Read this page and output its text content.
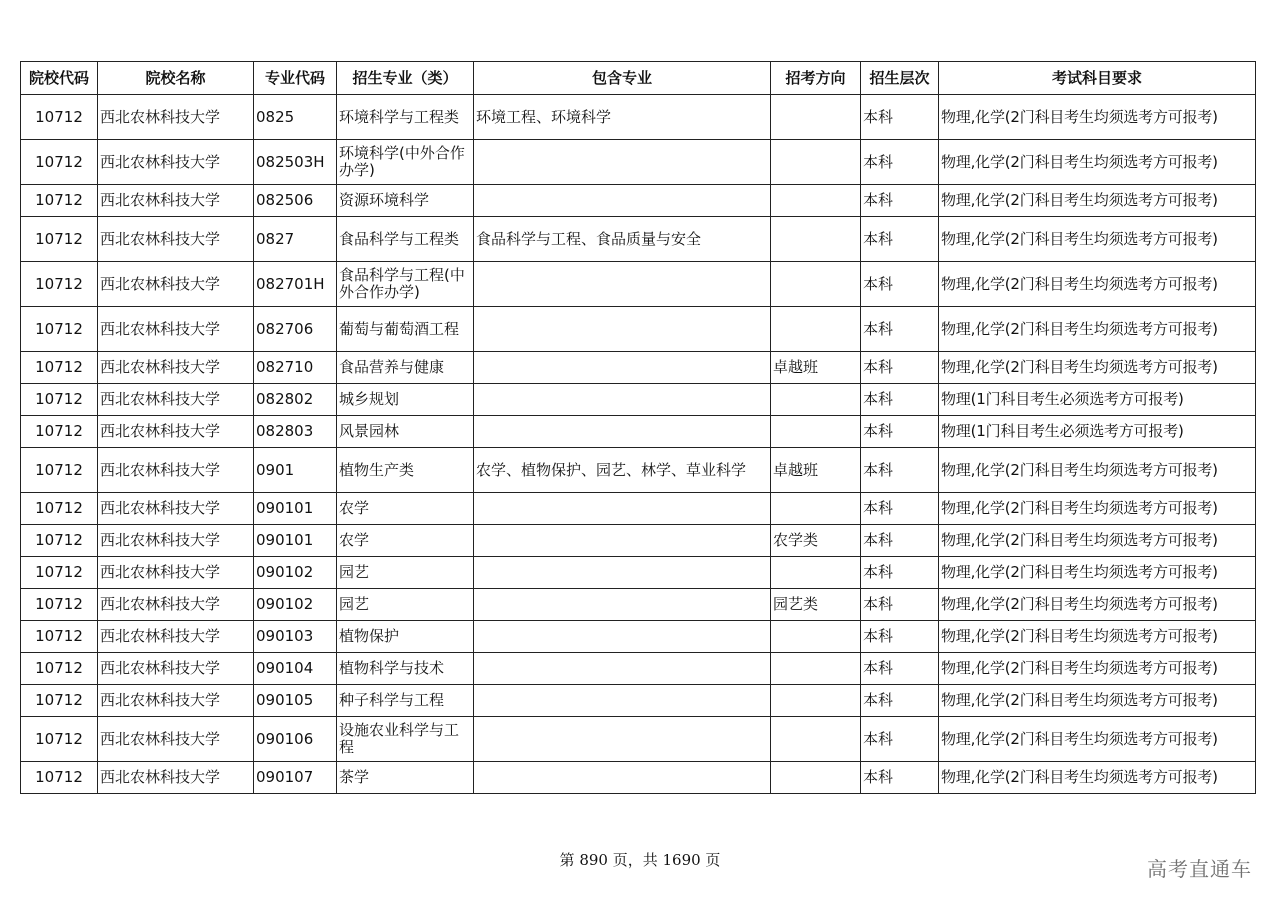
院校代码	院校名称	专业代码	招生专业（类）	包含专业	招考方向	招生层次	考试科目要求
10712	西北农林科技大学	0825	环境科学与工程类	环境工程、环境科学		本科	物理,化学(2门科目考生均须选考方可报考)
10712	西北农林科技大学	082503H	环境科学(中外合作办学)			本科	物理,化学(2门科目考生均须选考方可报考)
10712	西北农林科技大学	082506	资源环境科学			本科	物理,化学(2门科目考生均须选考方可报考)
10712	西北农林科技大学	0827	食品科学与工程类	食品科学与工程、食品质量与安全		本科	物理,化学(2门科目考生均须选考方可报考)
10712	西北农林科技大学	082701H	食品科学与工程(中外合作办学)			本科	物理,化学(2门科目考生均须选考方可报考)
10712	西北农林科技大学	082706	葡萄与葡萄酒工程			本科	物理,化学(2门科目考生均须选考方可报考)
10712	西北农林科技大学	082710	食品营养与健康		卓越班	本科	物理,化学(2门科目考生均须选考方可报考)
10712	西北农林科技大学	082802	城乡规划			本科	物理(1门科目考生必须选考方可报考)
10712	西北农林科技大学	082803	风景园林			本科	物理(1门科目考生必须选考方可报考)
10712	西北农林科技大学	0901	植物生产类	农学、植物保护、园艺、林学、草业科学	卓越班	本科	物理,化学(2门科目考生均须选考方可报考)
10712	西北农林科技大学	090101	农学			本科	物理,化学(2门科目考生均须选考方可报考)
10712	西北农林科技大学	090101	农学		农学类	本科	物理,化学(2门科目考生均须选考方可报考)
10712	西北农林科技大学	090102	园艺			本科	物理,化学(2门科目考生均须选考方可报考)
10712	西北农林科技大学	090102	园艺		园艺类	本科	物理,化学(2门科目考生均须选考方可报考)
10712	西北农林科技大学	090103	植物保护			本科	物理,化学(2门科目考生均须选考方可报考)
10712	西北农林科技大学	090104	植物科学与技术			本科	物理,化学(2门科目考生均须选考方可报考)
10712	西北农林科技大学	090105	种子科学与工程			本科	物理,化学(2门科目考生均须选考方可报考)
10712	西北农林科技大学	090106	设施农业科学与工程			本科	物理,化学(2门科目考生均须选考方可报考)
10712	西北农林科技大学	090107	茶学			本科	物理,化学(2门科目考生均须选考方可报考)
第 890 页，共 1690 页	高考直通车
